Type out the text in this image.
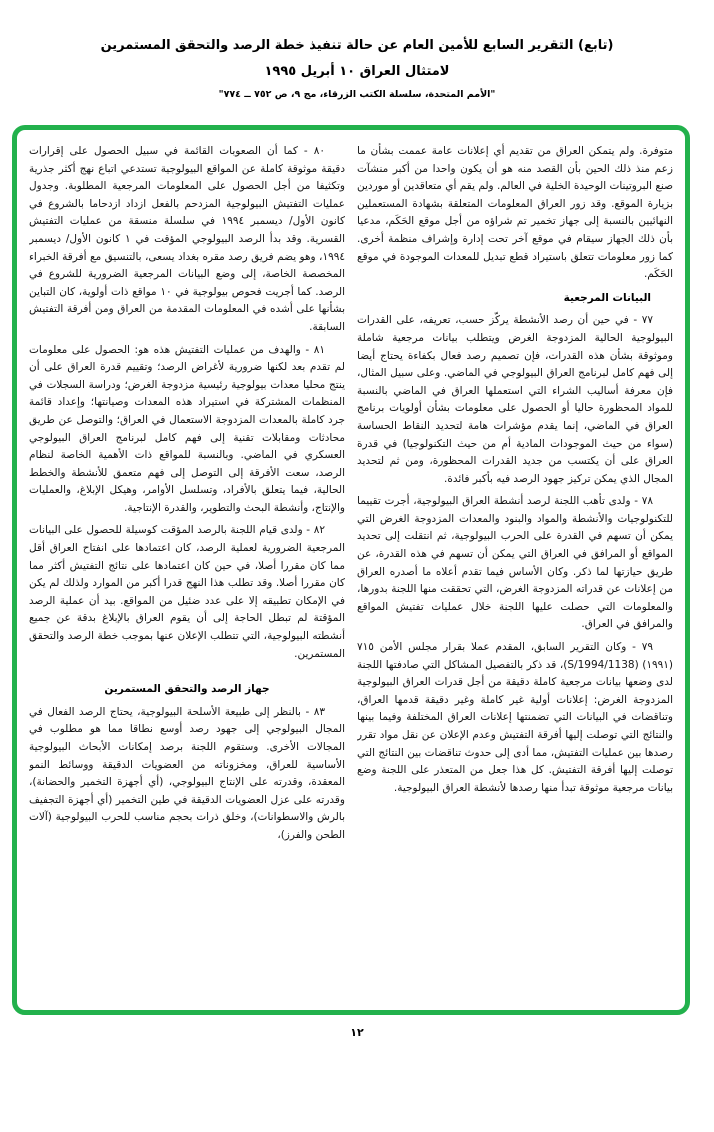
(تابع) التقرير السابع للأمين العام عن حالة تنفيذ خطة الرصد والتحقق المستمرين
لامتثال العراق ١٠ أبريل ١٩٩٥
"الأمم المتحدة، سلسلة الكتب الزرقاء، مج ٩، ص ٧٥٢ ــ ٧٧٤"

متوفرة. ولم يتمكن العراق من تقديم أي إعلانات عامة عممت بشأن ما زعم منذ ذلك الحين بأن القصد منه هو أن يكون واحدا من أكبر منشآت صنع البروتينات الوحيدة الخلية في العالم. ولم يقم أي متعاقدين أو موردين بزيارة الموقع. وقد زور العراق المعلومات المتعلقة بشهادة المستعملين النهائيين بالنسبة إلى جهاز تخمير تم شراؤه من أجل موقع الحَكَم، مدعيا بأن ذلك الجهاز سيقام في موقع آخر تحت إدارة وإشراف منظمة أخرى. كما زور معلومات تتعلق باستيراد قطع تبديل للمعدات الموجودة في موقع الحَكَم.

البيانات المرجعية

٧٧ - في حين أن رصد الأنشطة يركّز حسب، تعريفه، على القدرات البيولوجية الحالية المزدوجة الغرض ويتطلب بيانات مرجعية شاملة وموثوقة بشأن هذه القدرات، فإن تصميم رصد فعال بكفاءة يحتاج أيضا إلى فهم كامل لبرنامج العراق البيولوجي في الماضي. وعلى سبيل المثال، فإن معرفة أساليب الشراء التي استعملها العراق في الماضي بالنسبة للمواد المحظورة حاليا أو الحصول على معلومات بشأن أولويات برنامج العراق في الماضي، إنما يقدم مؤشرات هامة لتحديد النقاط الحساسة (سواء من حيث الموجودات المادية أم من حيث التكنولوجيا) في قدرة العراق على أن يكتسب من جديد القدرات المحظورة، ومن ثم لتحديد المجال الذي يمكن تركيز جهود الرصد فيه بأكبر فائدة.

٧٨ - ولدى تأهب اللجنة لرصد أنشطة العراق البيولوجية، أجرت تقييما للتكنولوجيات والأنشطة والمواد والبنود والمعدات المزدوجة الغرض التي يمكن أن تسهم في القدرة على الحرب البيولوجية، ثم انتقلت إلى تحديد المواقع أو المرافق في العراق التي يمكن أن تسهم في هذه القدرة، عن طريق حيازتها لما ذكر. وكان الأساس فيما تقدم أعلاه ما أصدره العراق من إعلانات عن قدراته المزدوجة الغرض، التي تحققت منها اللجنة بدورها، والمعلومات التي حصلت عليها اللجنة خلال عمليات تفتيش المواقع والمرافق في العراق.

٧٩ - وكان التقرير السابق، المقدم عملا بقرار مجلس الأمن ٧١٥ (١٩٩١) (S/1994/1138)‏، قد ذكر بالتفصيل المشاكل التي صادفتها اللجنة لدى وضعها بيانات مرجعية كاملة دقيقة من أجل قدرات العراق البيولوجية المزدوجة الغرض: إعلانات أولية غير كاملة وغير دقيقة قدمها العراق، وتناقضات في البيانات التي تضمنتها إعلانات العراق المختلفة وفيما بينها والنتائج التي توصلت إليها أفرقة التفتيش وعدم الإعلان عن نقل مواد تقرر رصدها بين عمليات التفتيش، مما أدى إلى حدوث تناقضات بين النتائج التي توصلت إليها أفرقة التفتيش. كل هذا جعل من المتعذر على اللجنة وضع بيانات مرجعية موثوقة تبدأ منها رصدها لأنشطة العراق البيولوجية.

٨٠ - كما أن الصعوبات القائمة في سبيل الحصول على إقرارات دقيقة موثوقة كاملة عن المواقع البيولوجية تستدعي اتباع نهج أكثر جذرية وتكثيفا من أجل الحصول على المعلومات المرجعية المطلوبة. وجدول عمليات التفتيش البيولوجية المزدحم بالفعل ازداد ازدحاما بالشروع في كانون الأول/ ديسمبر ١٩٩٤ في سلسلة منسقة من عمليات التفتيش القسرية. وقد بدأ الرصد البيولوجي المؤقت في ١ كانون الأول/ ديسمبر ١٩٩٤، وهو يضم فريق رصد مقره بغداد يسعى، بالتنسيق مع أفرقة الخبراء المخصصة الخاصة، إلى وضع البيانات المرجعية الضرورية للشروع في الرصد. كما أجريت فحوص بيولوجية في ١٠ مواقع ذات أولوية، كان التباين بشأنها على أشده في المعلومات المقدمة من العراق ومن أفرقة التفتيش السابقة.

٨١ - والهدف من عمليات التفتيش هذه هو: الحصول على معلومات لم تقدم بعد لكنها ضرورية لأغراض الرصد؛ وتقييم قدرة العراق على أن ينتج محليا معدات بيولوجية رئيسية مزدوجة الغرض؛ ودراسة السجلات في المنظمات المشتركة في استيراد هذه المعدات وصيانتها؛ وإعداد قائمة جرد كاملة بالمعدات المزدوجة الاستعمال في العراق؛ والتوصل عن طريق محادثات ومقابلات تقنية إلى فهم كامل لبرنامج العراق البيولوجي العسكري في الماضي. وبالنسبة للمواقع ذات الأهمية الخاصة لنظام الرصد، سعت الأفرقة إلى التوصل إلى فهم متعمق للأنشطة والخطط الحالية، فيما يتعلق بالأفراد، وتسلسل الأوامر، وهيكل الإبلاغ، والعمليات والإنتاج، وأنشطة البحث والتطوير، والقدرة الإنتاجية.

٨٢ - ولدى قيام اللجنة بالرصد المؤقت كوسيلة للحصول على البيانات المرجعية الضرورية لعملية الرصد، كان اعتمادها على انفتاح العراق أقل مما كان مقررا أصلا، في حين كان اعتمادها على نتائج التفتيش أكثر مما كان مقررا أصلا. وقد تطلب هذا النهج قدرا أكبر من الموارد ولذلك لم يكن في الإمكان تطبيقه إلا على عدد ضئيل من المواقع. بيد أن عملية الرصد المؤقتة لم تبطل الحاجة إلى أن يقوم العراق بالإبلاغ بدقة عن جميع أنشطته البيولوجية، التي تتطلب الإعلان عنها بموجب خطة الرصد والتحقق المستمرين.

جهاز الرصد والتحقق المستمرين

٨٣ - بالنظر إلى طبيعة الأسلحة البيولوجية، يحتاج الرصد الفعال في المجال البيولوجي إلى جهود رصد أوسع نطاقا مما هو مطلوب في المجالات الأخرى. وستقوم اللجنة برصد إمكانات الأبحاث البيولوجية الأساسية للعراق، ومخزوناته من العضويات الدقيقة ووسائط النمو المعقدة، وقدرته على الإنتاج البيولوجي، (أي أجهزة التخمير والحضانة)، وقدرته على عزل العضويات الدقيقة في طين التخمير (أي أجهزة التجفيف بالرش والاسطوانات)، وخلق ذرات بحجم مناسب للحرب البيولوجية (آلات الطحن والفرز)،

١٢
